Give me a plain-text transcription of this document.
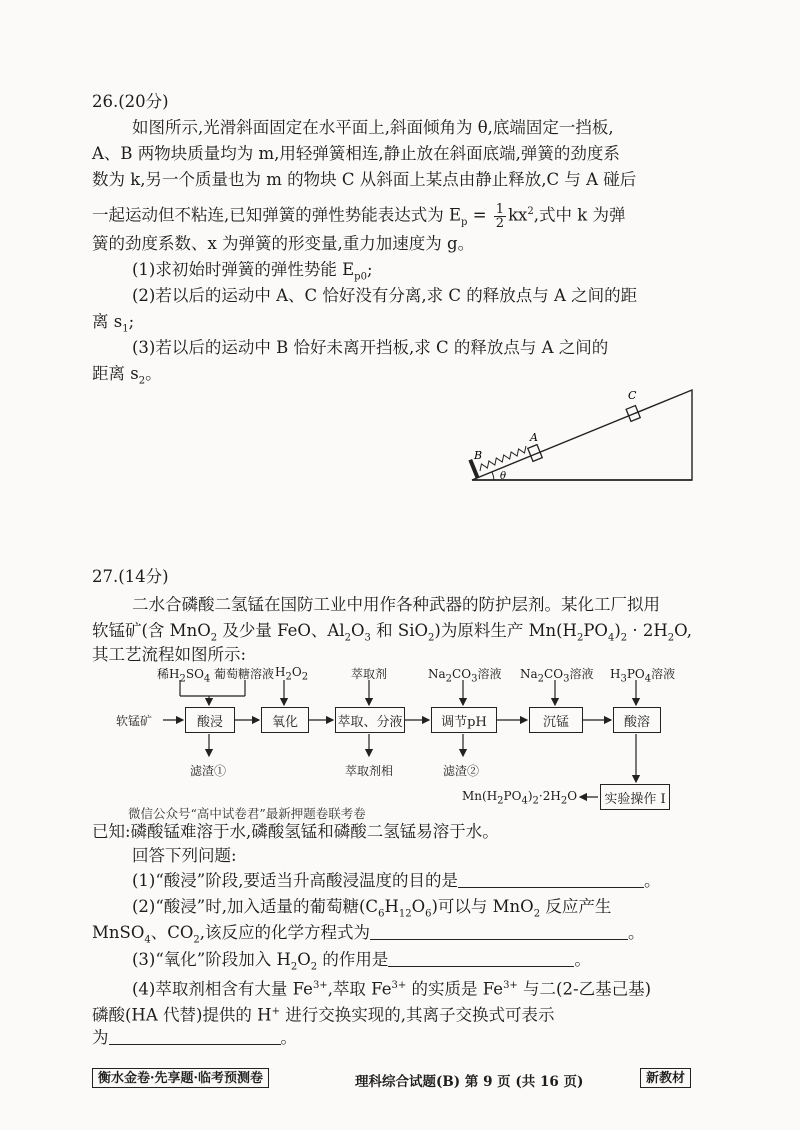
26.(20分)
如图所示,光滑斜面固定在水平面上,斜面倾角为 θ,底端固定一挡板,
A、B 两物块质量均为 m,用轻弹簧相连,静止放在斜面底端,弹簧的劲度系
数为 k,另一个质量也为 m 的物块 C 从斜面上某点由静止释放,C 与 A 碰后
一起运动但不粘连,已知弹簧的弹性势能表达式为 $E_p = \frac{1}{2} kx^2$,式中 k 为弹
簧的劲度系数、x 为弹簧的形变量,重力加速度为 g。
(1)求初始时弹簧的弹性势能 $E_{p0}$;
(2)若以后的运动中 A、C 恰好没有分离,求 C 的释放点与 A 之间的距
离 $s_1$;
(3)若以后的运动中 B 恰好未离开挡板,求 C 的释放点与 A 之间的
距离 $s_2$。
B
A
C
θ
27.(14分)
二水合磷酸二氢锰在国防工业中用作各种武器的防护层剂。某化工厂拟用
软锰矿(含 MnO$_2$ 及少量 FeO、$Al_2O_3$ 和 SiO$_2$)为原料生产 $Mn(H_2PO_4)_2 \cdot 2H_2O$,
其工艺流程如图所示:
稀$H_2SO_4$ 葡萄糖溶液 $H_2O_2$	萃取剂	$Na_2CO_3$溶液 $Na_2CO_3$溶液 $H_3PO_4$溶液
软锰矿	酸浸	氧化	萃取、分液	调节pH	沉锰	酸溶
实验操作 I
滤渣①	萃取剂相	滤渣②
$Mn(H_2PO_4)_2\cdot 2H_2O$
微信公众号“高中试卷君”最新押题卷联考卷
已知:磷酸锰难溶于水,磷酸氢锰和磷酸二氢锰易溶于水。
回答下列问题:
(1)“酸浸”阶段,要适当升高酸浸温度的目的是	。
(2)“酸浸”时,加入适量的葡萄糖$(C_6H_{12}O_6)$可以与 MnO$_2$ 反应产生
MnSO$_4$、$CO_2$,该反应的化学方程式为	。
(3)“氧化”阶段加入 $H_2O_2$ 的作用是	。
(4)萃取剂相含有大量 $Fe^{3+}$,萃取 $Fe^{3+}$ 的实质是 $Fe^{3+}$ 与二(2-乙基己基)
磷酸(HA 代替)提供的 H+ 进行交换实现的,其离子交换式可表示
为	。
衡水金卷·先享题·临考预测卷	理科综合试题(B) 第 9 页 (共 16 页)	新教材
